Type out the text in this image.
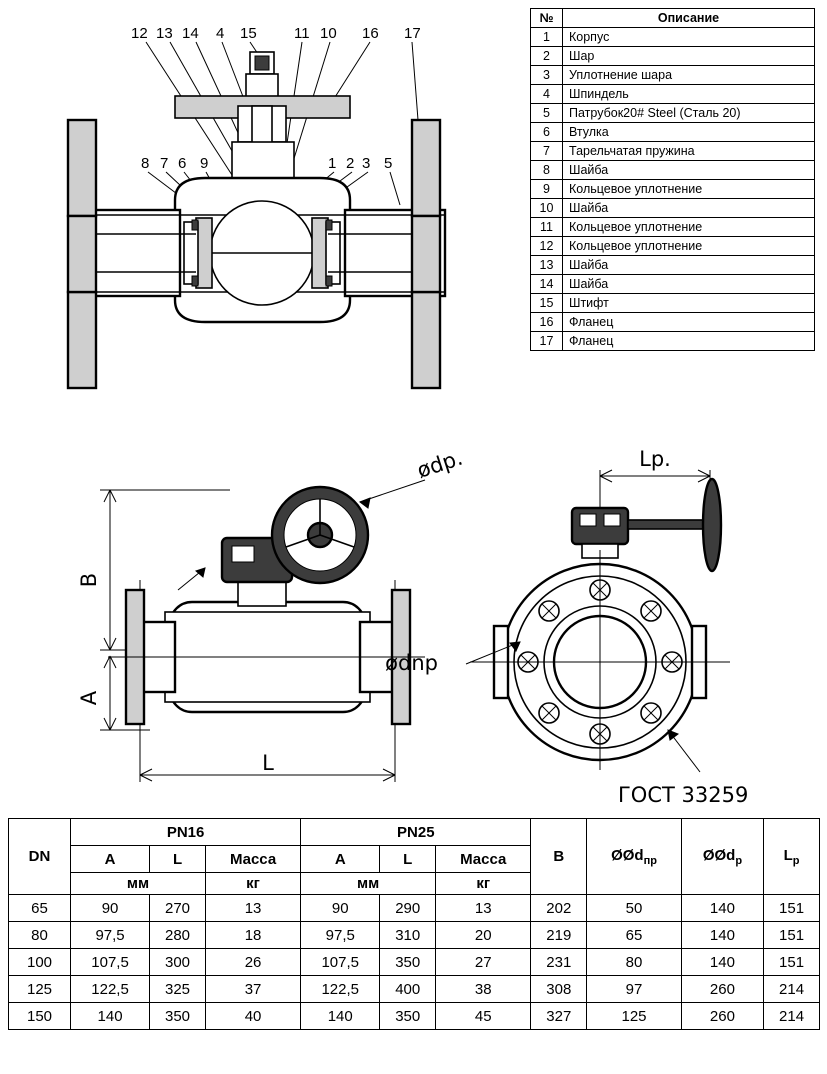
12 13 14 4 15 11 10 16 17
8 7 6 9	1 2 3 5
№	Описание
1	Корпус
2	Шар
3	Уплотнение шара
4	Шпиндель
5	Патрубок20# Steel (Сталь 20)
6	Втулка
7	Тарельчатая пружина
8	Шайба
9	Кольцевое уплотнение
10	Шайба
11	Кольцевое уплотнение
12	Кольцевое уплотнение
13	Шайба
14	Шайба
15	Штифт
16	Фланец
17	Фланец
B
A
L
ødp.	Lp.
ødnp
ГОСТ 33259
DN	PN16			PN25			B	ØØd$_{пр}$	ØØd$_р$	$L_р$
	A	L	Масса	A	L	Масса				
	мм		кг	мм		кг				
65	90	270	13	90	290	13	202	50	140	151
80	97,5	280	18	97,5	310	20	219	65	140	151
100	107,5	300	26	107,5	350	27	231	80	140	151
125	122,5	325	37	122,5	400	38	308	97	260	214
150	140	350	40	140	350	45	327	125	260	214
